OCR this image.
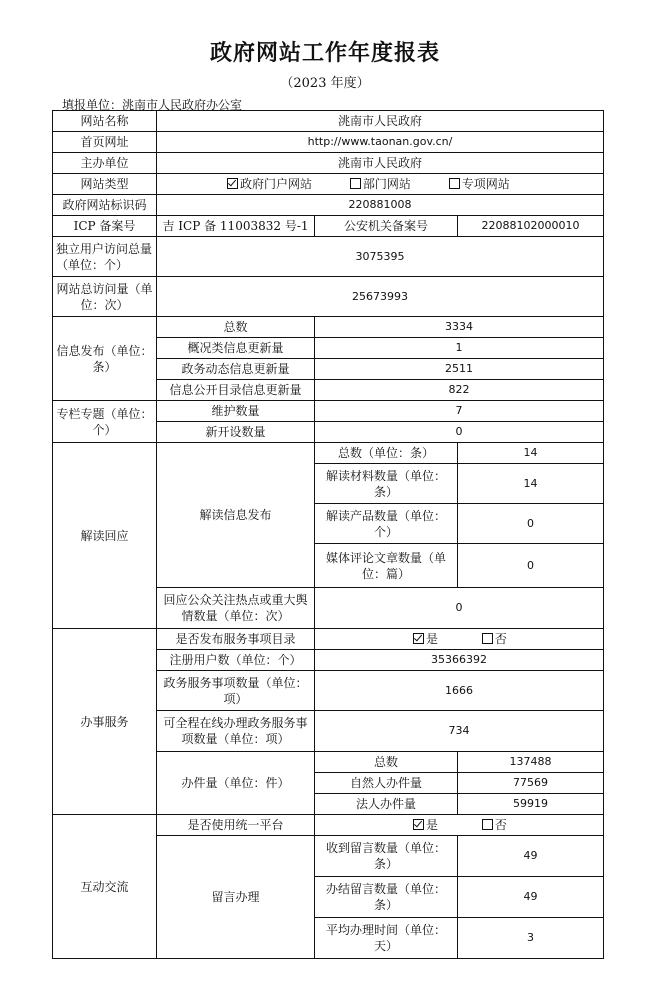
政府网站工作年度报表
（2023 年度）
填报单位：洮南市人民政府办公室
网站名称	洮南市人民政府		
首页网址	http://www.taonan.gov.cn/		
主办单位	洮南市人民政府		
网站类型	政府门户网站 部门网站 专项网站		
政府网站标识码	220881008		
ICP 备案号	吉 ICP 备 11003832 号-1	公安机关备案号	22088102000010
独立用户访问总量（单位：个）	3075395		
网站总访问量（单位：次）	25673993		
信息发布（单位：条）	总数	3334	
	概况类信息更新量	1	
	政务动态信息更新量	2511	
	信息公开目录信息更新量	822	
专栏专题（单位：个）	维护数量	7	
	新开设数量	0	
解读回应	解读信息发布	总数（单位：条）	14
		解读材料数量（单位：条）	14
		解读产品数量（单位：个）	0
		媒体评论文章数量（单位：篇）	0
	回应公众关注热点或重大舆情数量（单位：次）	0	
办事服务	是否发布服务事项目录	是 否	
	注册用户数（单位：个）	35366392	
	政务服务事项数量（单位：项）	1666	
	可全程在线办理政务服务事项数量（单位：项）	734	
	办件量（单位：件）	总数	137488
		自然人办件量	77569
		法人办件量	59919
互动交流	是否使用统一平台	是 否	
	留言办理	收到留言数量（单位：条）	49
		办结留言数量（单位：条）	49
		平均办理时间（单位：天）	3
